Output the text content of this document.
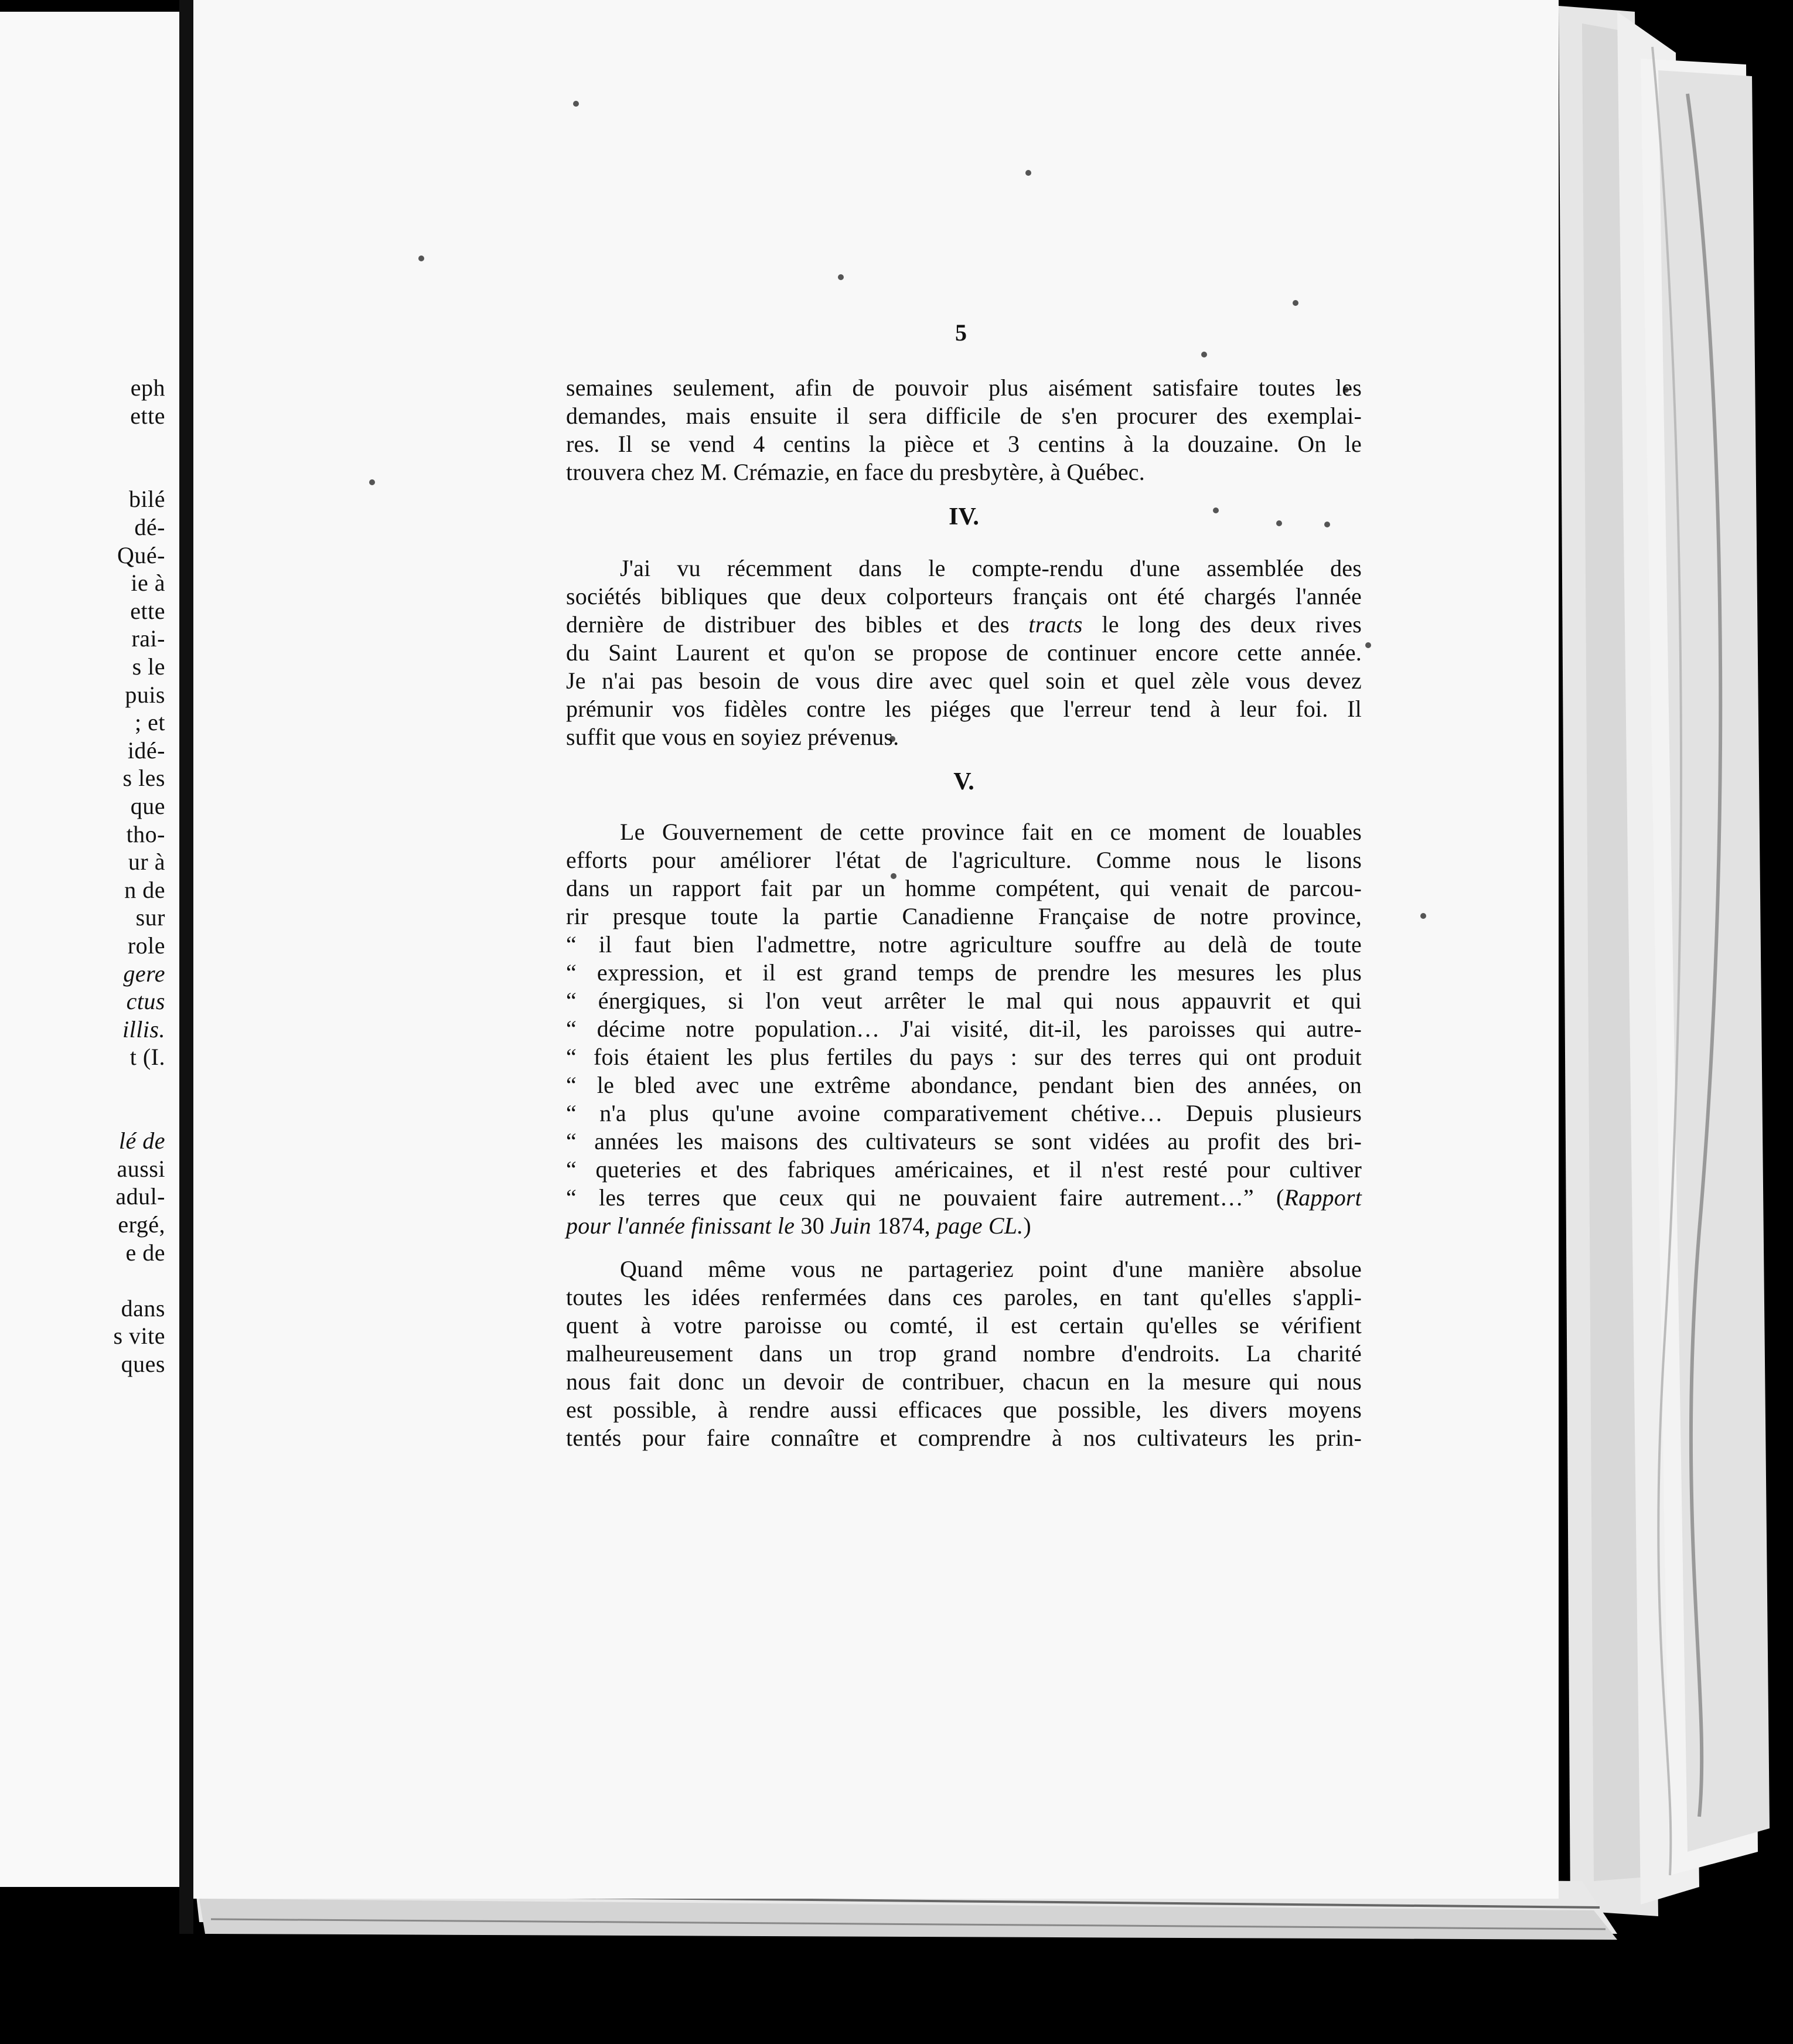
eph
ette
bilé
dé-
Qué-
ie à
ette
rai-
s le
puis
; et
idé-
s les
que
tho-
ur à
n de
sur
role
gere
ctus
illis.
t (I.
lé de
aussi
adul-
ergé,
e de
dans
s vite
ques
5
semaines seulement, afin de pouvoir plus aisément satisfaire toutes les
demandes, mais ensuite il sera difficile de s'en procurer des exemplai-
res. Il se vend 4 centins la pièce et 3 centins à la douzaine. On le
trouvera chez M. Crémazie, en face du presbytère, à Québec.
IV.
J'ai vu récemment dans le compte-rendu d'une assemblée des
sociétés bibliques que deux colporteurs français ont été chargés l'année
dernière de distribuer des bibles et des tracts le long des deux rives
du Saint Laurent et qu'on se propose de continuer encore cette année.
Je n'ai pas besoin de vous dire avec quel soin et quel zèle vous devez
prémunir vos fidèles contre les piéges que l'erreur tend à leur foi. Il
suffit que vous en soyiez prévenus.
V.
Le Gouvernement de cette province fait en ce moment de louables
efforts pour améliorer l'état de l'agriculture. Comme nous le lisons
dans un rapport fait par un homme compétent, qui venait de parcou-
rir presque toute la partie Canadienne Française de notre province,
“ il faut bien l'admettre, notre agriculture souffre au delà de toute
“ expression, et il est grand temps de prendre les mesures les plus
“ énergiques, si l'on veut arrêter le mal qui nous appauvrit et qui
“ décime notre population… J'ai visité, dit-il, les paroisses qui autre-
“ fois étaient les plus fertiles du pays : sur des terres qui ont produit
“ le bled avec une extrême abondance, pendant bien des années, on
“ n'a plus qu'une avoine comparativement chétive… Depuis plusieurs
“ années les maisons des cultivateurs se sont vidées au profit des bri-
“ queteries et des fabriques américaines, et il n'est resté pour cultiver
“ les terres que ceux qui ne pouvaient faire autrement…” (Rapport
pour l'année finissant le 30 Juin 1874, page CL.)
Quand même vous ne partageriez point d'une manière absolue
toutes les idées renfermées dans ces paroles, en tant qu'elles s'appli-
quent à votre paroisse ou comté, il est certain qu'elles se vérifient
malheureusement dans un trop grand nombre d'endroits. La charité
nous fait donc un devoir de contribuer, chacun en la mesure qui nous
est possible, à rendre aussi efficaces que possible, les divers moyens
tentés pour faire connaître et comprendre à nos cultivateurs les prin-
